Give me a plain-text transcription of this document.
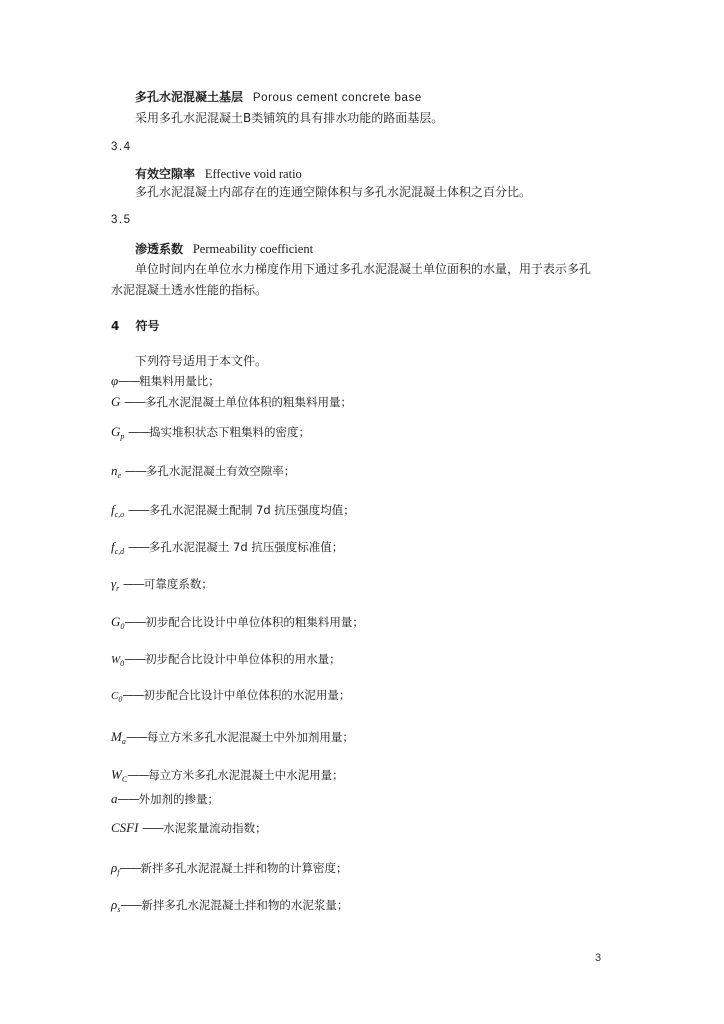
多孔水泥混凝土基层 Porous cement concrete base
采用多孔水泥混凝土B类铺筑的具有排水功能的路面基层。
3.4
有效空隙率 Effective void ratio
多孔水泥混凝土内部存在的连通空隙体积与多孔水泥混凝土体积之百分比。
3.5
渗透系数 Permeability coefficient
单位时间内在单位水力梯度作用下通过多孔水泥混凝土单位面积的水量，用于表示多孔
水泥混凝土透水性能的指标。
4 符号
下列符号适用于本文件。
φ——粗集料用量比；
G ——多孔水泥混凝土单位体积的粗集料用量；
$G_p$ ——捣实堆积状态下粗集料的密度；
$n_e$ ——多孔水泥混凝土有效空隙率；
$f_{c,o}$ ——多孔水泥混凝土配制 7d 抗压强度均值；
$f_{c,d}$ ——多孔水泥混凝土 7d 抗压强度标准值；
$\gamma_r$ ——可靠度系数；
$G_0——$初步配合比设计中单位体积的粗集料用量；
$W_0——$初步配合比设计中单位体积的用水量；
$C_0——$初步配合比设计中单位体积的水泥用量；
$M_a——$每立方米多孔水泥混凝土中外加剂用量；
$W_C——$每立方米多孔水泥混凝土中水泥用量；
a——外加剂的掺量；
CSFI ——水泥浆量流动指数；
$\rho_f——$新拌多孔水泥混凝土拌和物的计算密度；
$\rho_s——$新拌多孔水泥混凝土拌和物的水泥浆量；
3
